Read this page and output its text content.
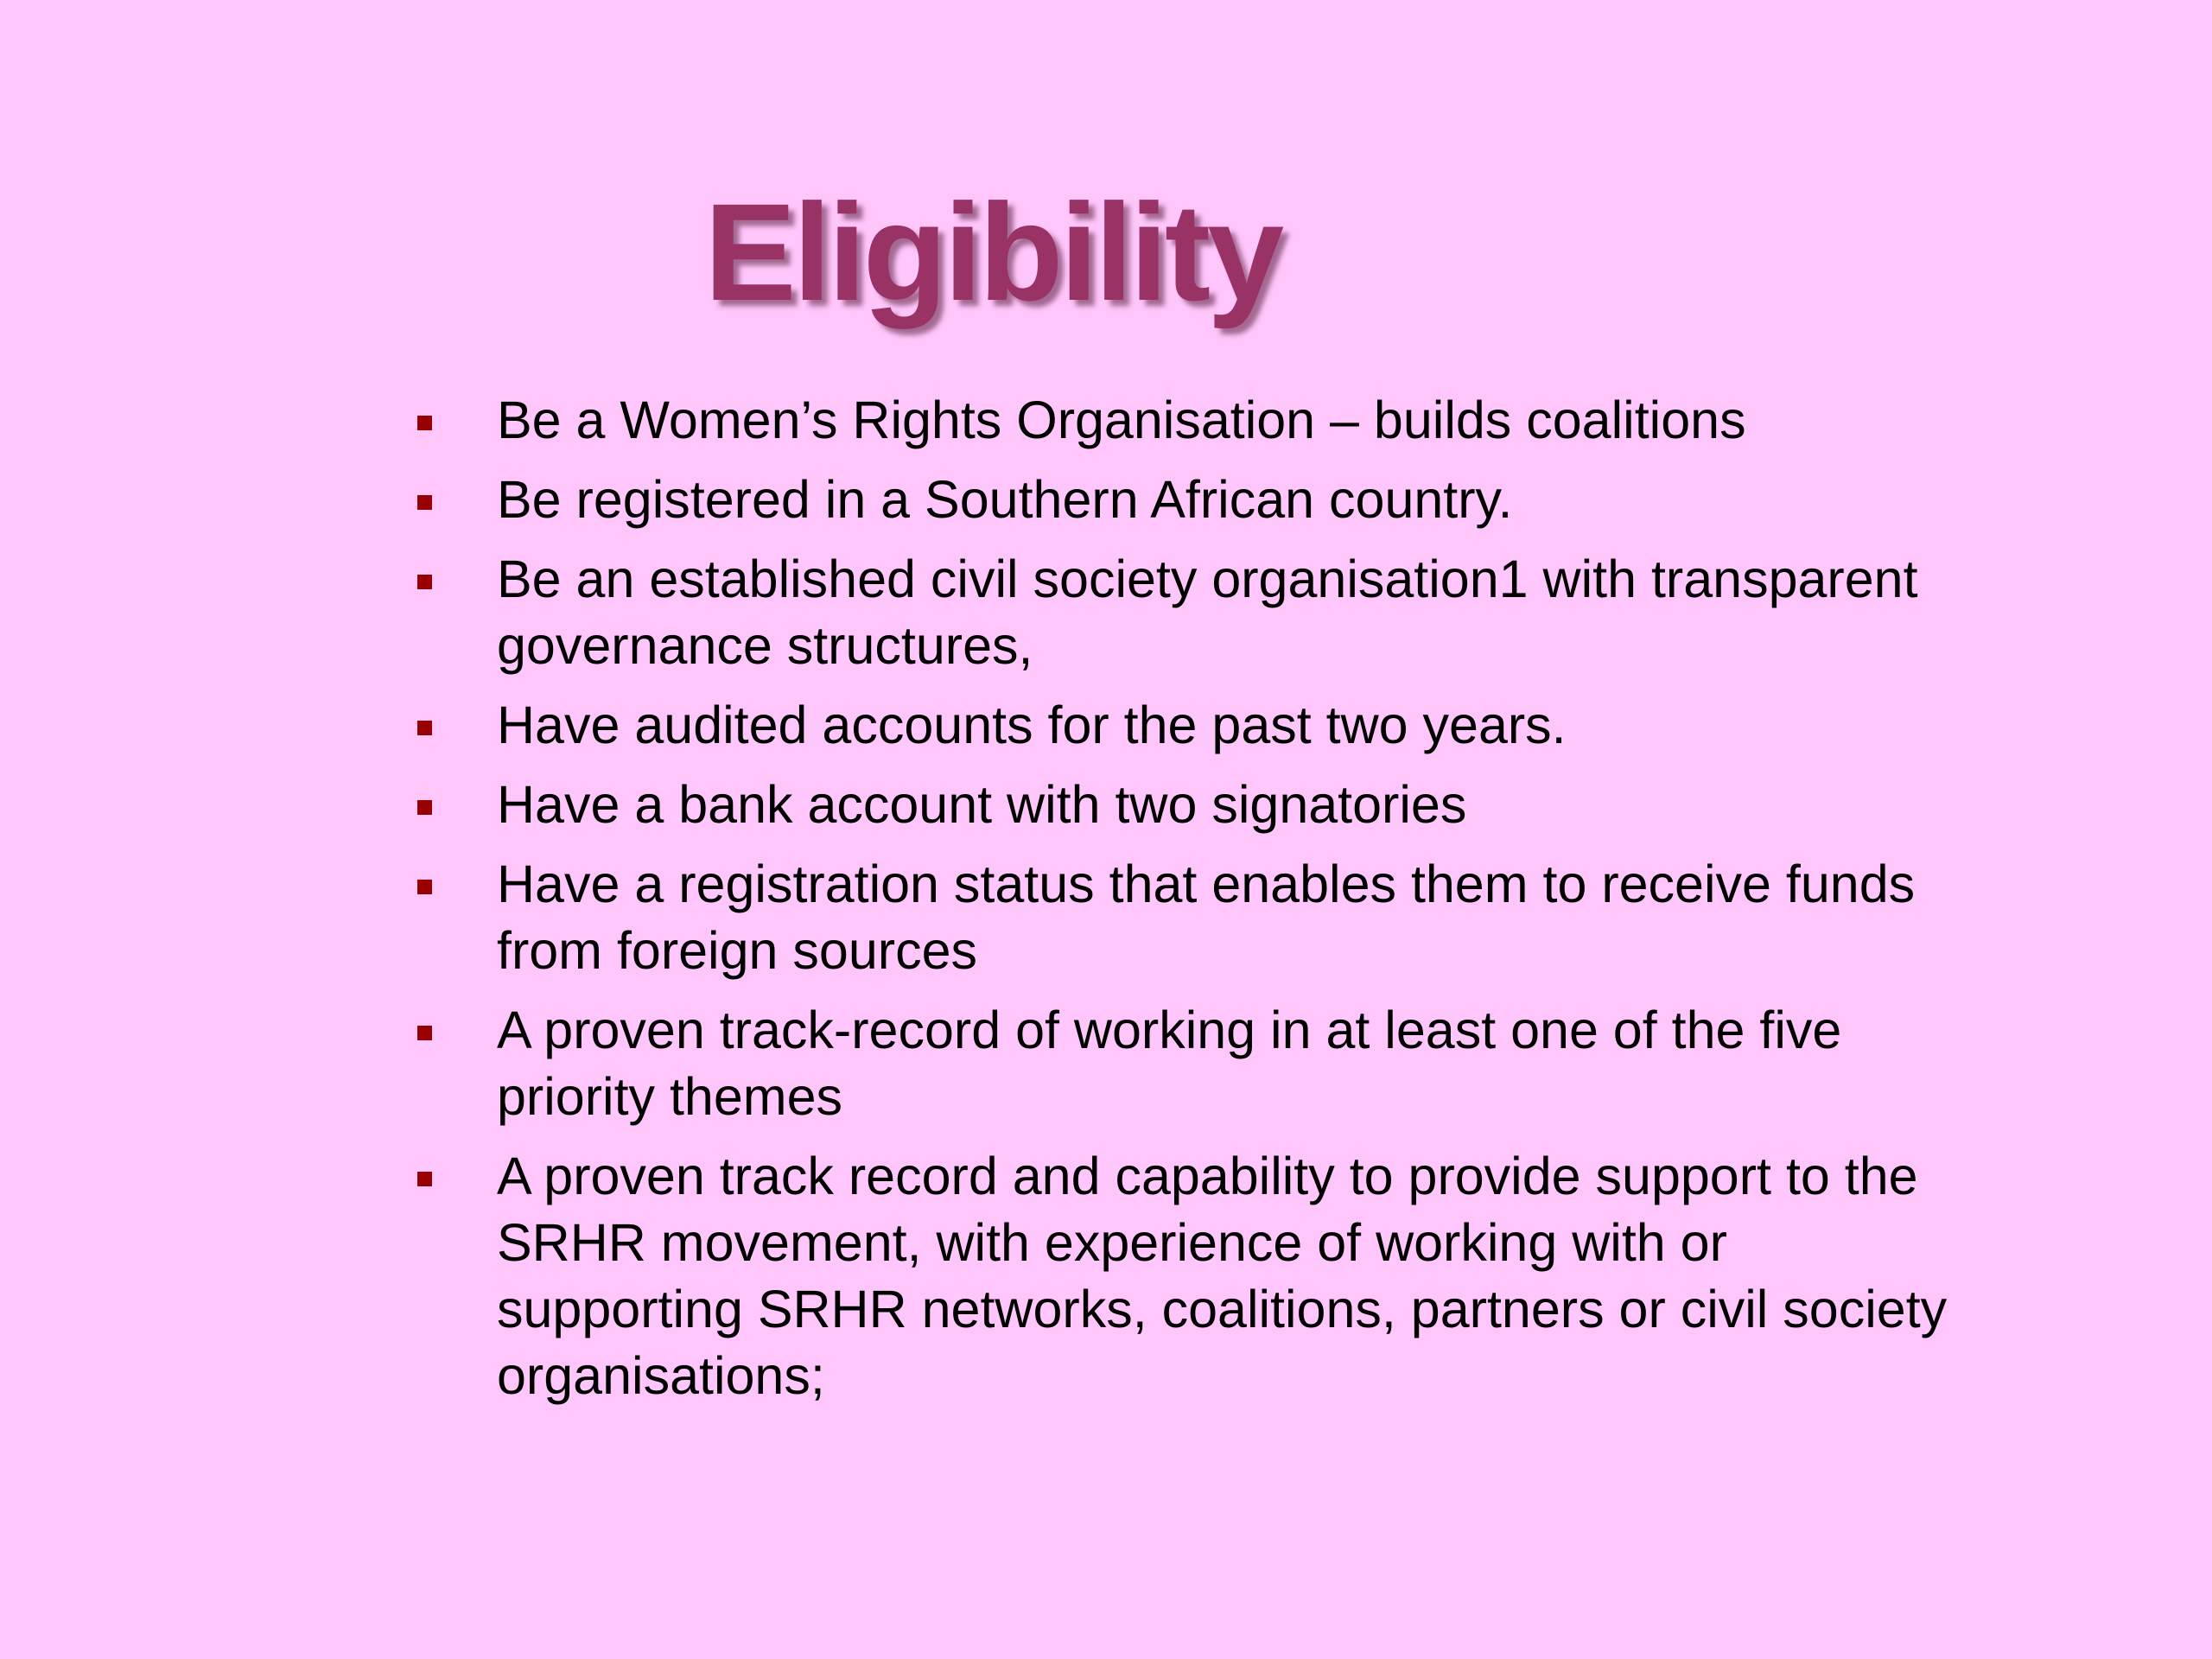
Eligibility
Be a Women’s Rights Organisation – builds coalitions
Be registered in a Southern African country.
Be an established civil society organisation1 with transparent governance structures,
Have audited accounts for the past two years.
Have a bank account with two signatories
Have a registration status that enables them to receive funds from foreign sources
A proven track-record of working in at least one of the five priority themes
A proven track record and capability to provide support to the SRHR movement, with experience of working with or supporting SRHR networks, coalitions, partners or civil society organisations;
